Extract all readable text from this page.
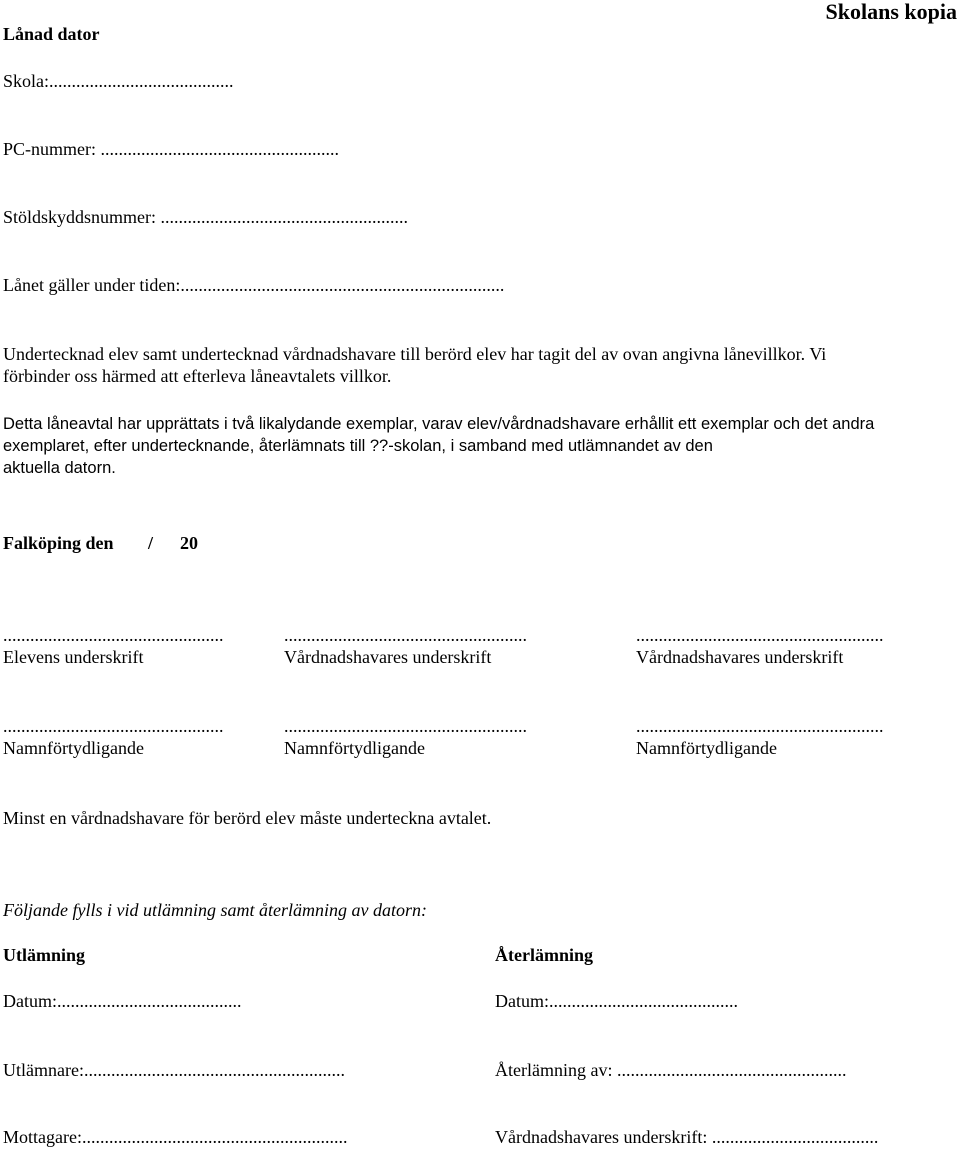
Skolans kopia
Lånad dator
Skola:.........................................
PC-nummer: .....................................................
Stöldskyddsnummer: .......................................................
Lånet gäller under tiden:........................................................................
Undertecknad elev samt undertecknad vårdnadshavare till berörd elev har tagit del av ovan angivna lånevillkor. Vi
förbinder oss härmed att efterleva låneavtalets villkor.
Detta låneavtal har upprättats i två likalydande exemplar, varav elev/vårdnadshavare erhållit ett exemplar och det andra
exemplaret, efter undertecknande, återlämnats till ??-skolan, i samband med utlämnandet av den
aktuella datorn.
Falköping den / 20
.................................................	......................................................	.......................................................
Elevens underskrift	Vårdnadshavares underskrift	Vårdnadshavares underskrift
.................................................	......................................................	.......................................................
Namnförtydligande	Namnförtydligande	Namnförtydligande
Minst en vårdnadshavare för berörd elev måste underteckna avtalet.
Följande fylls i vid utlämning samt återlämning av datorn:
Utlämning	Återlämning
Datum:.........................................	Datum:..........................................
Utlämnare:..........................................................	Återlämning av: ...................................................
Mottagare:...........................................................	Vårdnadshavares underskrift: .....................................
